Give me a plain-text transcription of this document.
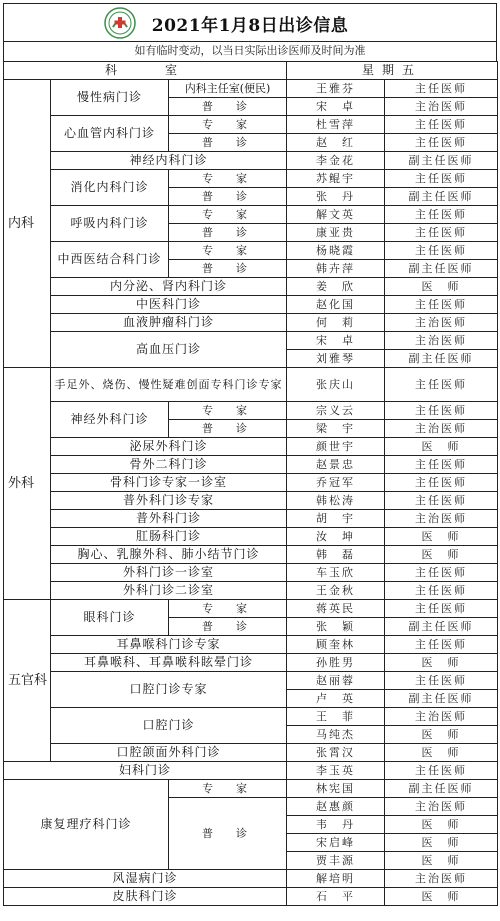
2021年1月8日出诊信息
如有临时变动，以当日实际出诊医师及时间为准
科　　室			星期五	
内科	慢性病门诊	内科主任室(便民)	王雅芬	主任医师
		普　诊	宋　卓	主治医师
	心血管内科门诊	专　家	杜雪萍	主任医师
		普　诊	赵　红	主任医师
	神经内科门诊		李金花	副主任医师
	消化内科门诊	专　家	苏鲲宇	主任医师
		普　诊	张　丹	副主任医师
	呼吸内科门诊	专　家	解文英	主任医师
		普　诊	康亚贵	主任医师
	中西医结合科门诊	专　家	杨晓霞	主任医师
		普　诊	韩卉萍	副主任医师
	内分泌、肾内科门诊		姜　欣	医　师
	中医科门诊		赵化国	主任医师
	血液肿瘤科门诊		何　莉	主治医师
	高血压门诊		宋　卓	主治医师
			刘雅琴	副主任医师
外科	手足外、烧伤、慢性疑难创面专科门诊专家		张庆山	主任医师
	神经外科门诊	专　家	宗义云	主任医师
		普　诊	梁　宇	主治医师
	泌尿外科门诊		颜世宇	医　师
	骨外二科门诊		赵景忠	主任医师
	骨科门诊专家一诊室		乔冠军	主任医师
	普外科门诊专家		韩松涛	主任医师
	普外科门诊		胡　宇	主治医师
	肛肠科门诊		汝　坤	医　师
	胸心、乳腺外科、肺小结节门诊		韩　磊	医　师
	外科门诊一诊室		车玉欣	主任医师
	外科门诊二诊室		王金秋	主任医师
五官科	眼科门诊	专　家	蒋英民	主任医师
		普　诊	张　颖	副主任医师
	耳鼻喉科门诊专家		顾奎林	主任医师
	耳鼻喉科、耳鼻喉科眩晕门诊		孙胜男	医　师
	口腔门诊专家		赵丽蓉	主任医师
			卢　英	副主任医师
	口腔门诊		王　菲	主治医师
			马纯杰	医　师
	口腔颌面外科门诊		张霄汉	医　师
妇科门诊			李玉英	主任医师
康复理疗科门诊		专　家	林宪国	副主任医师
		普　诊	赵惠颜	主治医师
			韦　丹	医　师
			宋启峰	医　师
			贾丰源	医　师
风湿病门诊			解培明	主治医师
皮肤科门诊			石　平	医　师
